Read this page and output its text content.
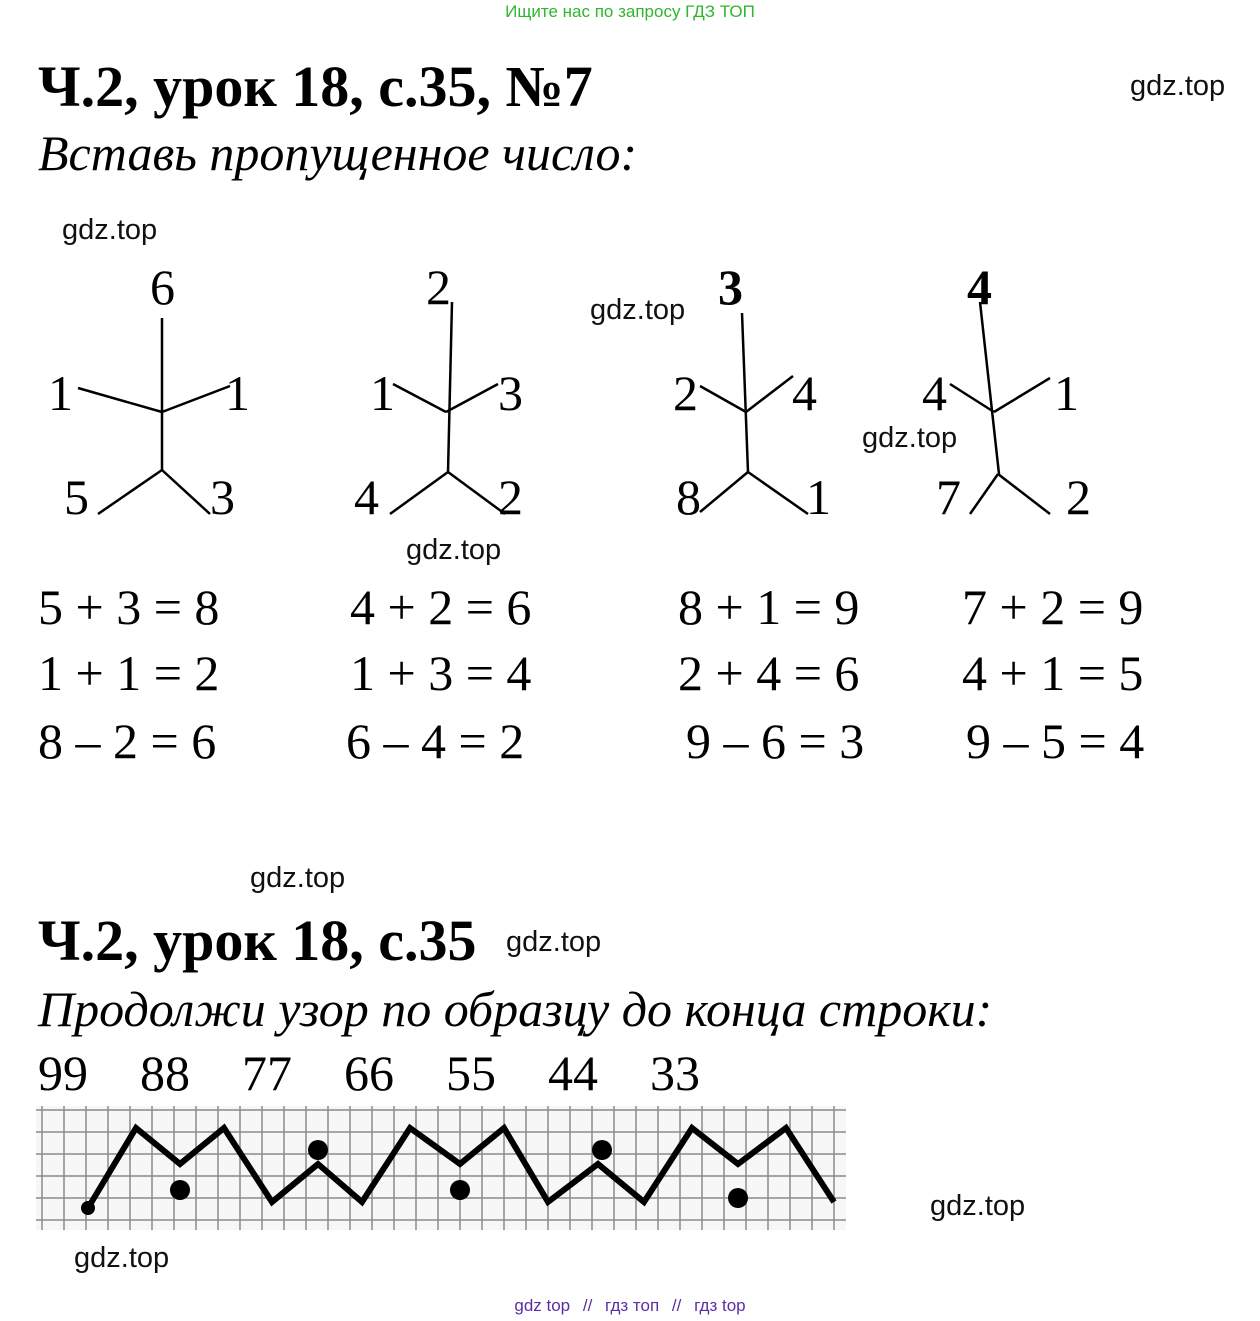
Ищите нас по запросу ГДЗ ТОП
Ч.2, урок 18, с.35, №7
Вставь пропущенное число:
gdz.top
gdz.top
gdz.top
gdz.top
gdz.top
gdz.top
gdz.top
gdz.top
gdz.top
6
1	1
5 3
2
1 3
4 2
3
2 4
8 1
4
4 1
7 2
5 + 3 = 8
1 + 1 = 2
8 – 2 = 6
4 + 2 = 6
1 + 3 = 4
6 – 4 = 2
8 + 1 = 9
2 + 4 = 6
9 – 6 = 3
7 + 2 = 9
4 + 1 = 5
9 – 5 = 4
Ч.2, урок 18, с.35
Продолжи узор по образцу до конца строки:
99 88 77 66 55 44 33
gdz top // гдз топ // гдз top
